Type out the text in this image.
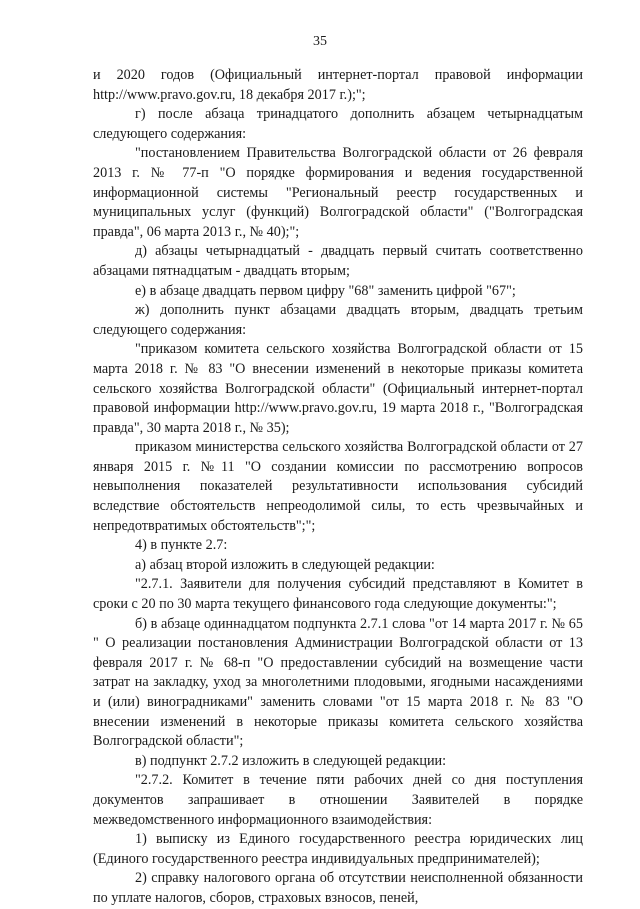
35

и 2020 годов (Официальный интернет-портал правовой информации http://www.pravo.gov.ru, 18 декабря 2017 г.);";

г) после абзаца тринадцатого дополнить абзацем четырнадцатым следующего содержания:

"постановлением Правительства Волгоградской области от 26 февраля 2013 г. № 77-п "О порядке формирования и ведения государственной информационной системы "Региональный реестр государственных и муниципальных услуг (функций) Волгоградской области" ("Волгоградская правда", 06 марта 2013 г., № 40);";

д) абзацы четырнадцатый - двадцать первый считать соответственно абзацами пятнадцатым - двадцать вторым;

е) в абзаце двадцать первом цифру "68" заменить цифрой "67";

ж) дополнить пункт абзацами двадцать вторым, двадцать третьим следующего содержания:

"приказом комитета сельского хозяйства Волгоградской области от 15 марта 2018 г. № 83 "О внесении изменений в некоторые приказы комитета сельского хозяйства Волгоградской области" (Официальный интернет-портал правовой информации http://www.pravo.gov.ru, 19 марта 2018 г., "Волгоградская правда", 30 марта 2018 г., № 35);

приказом министерства сельского хозяйства Волгоградской области от 27 января 2015 г. №11 "О создании комиссии по рассмотрению вопросов невыполнения показателей результативности использования субсидий вследствие обстоятельств непреодолимой силы, то есть чрезвычайных и непредотвратимых обстоятельств";";

4) в пункте 2.7:

а) абзац второй изложить в следующей редакции:

"2.7.1. Заявители для получения субсидий представляют в Комитет в сроки с 20 по 30 марта текущего финансового года следующие документы:";

б) в абзаце одиннадцатом подпункта 2.7.1 слова "от 14 марта 2017 г. № 65 " О реализации постановления Администрации Волгоградской области от 13 февраля 2017 г. № 68-п "О предоставлении субсидий на возмещение части затрат на закладку, уход за многолетними плодовыми, ягодными насаждениями и (или) виноградниками" заменить словами "от 15 марта 2018 г. № 83 "О внесении изменений в некоторые приказы комитета сельского хозяйства Волгоградской области";

в) подпункт 2.7.2 изложить в следующей редакции:

"2.7.2. Комитет в течение пяти рабочих дней со дня поступления документов запрашивает в отношении Заявителей в порядке межведомственного информационного взаимодействия:

1) выписку из Единого государственного реестра юридических лиц (Единого государственного реестра индивидуальных предпринимателей);

2) справку налогового органа об отсутствии неисполненной обязанности по уплате налогов, сборов, страховых взносов, пеней,
